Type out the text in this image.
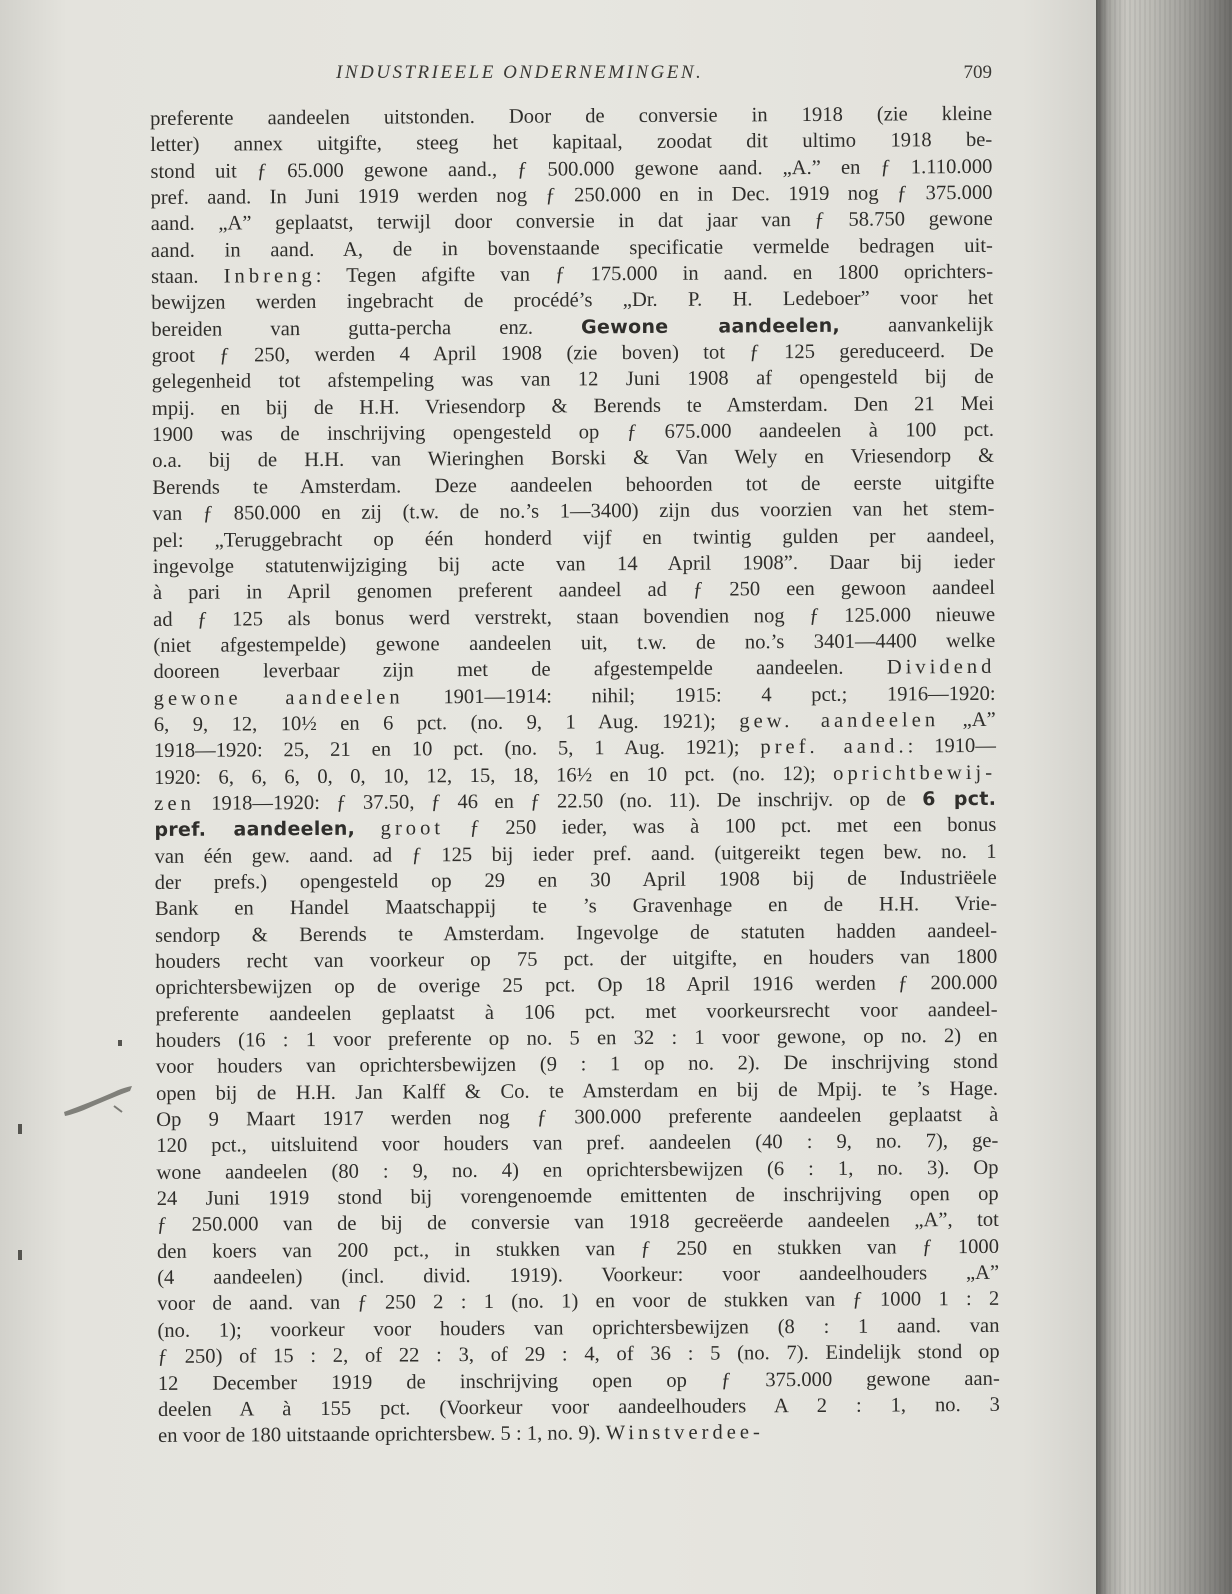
INDUSTRIEELE ONDERNEMINGEN.	709
preferente aandeelen uitstonden. Door de conversie in 1918 (zie kleine
letter) annex uitgifte, steeg het kapitaal, zoodat dit ultimo 1918 be-
stond uit ƒ 65.000 gewone aand., ƒ 500.000 gewone aand. „A.” en ƒ 1.110.000
pref. aand. In Juni 1919 werden nog ƒ 250.000 en in Dec. 1919 nog ƒ 375.000
aand. „A” geplaatst, terwijl door conversie in dat jaar van ƒ 58.750 gewone
aand. in aand. A, de in bovenstaande specificatie vermelde bedragen uit-
staan. Inbreng: Tegen afgifte van ƒ 175.000 in aand. en 1800 oprichters-
bewijzen werden ingebracht de procédé’s „Dr. P. H. Ledeboer” voor het
bereiden van gutta-percha enz. Gewone aandeelen, aanvankelijk
groot ƒ 250, werden 4 April 1908 (zie boven) tot ƒ 125 gereduceerd. De
gelegenheid tot afstempeling was van 12 Juni 1908 af opengesteld bij de
mpij. en bij de H.H. Vriesendorp & Berends te Amsterdam. Den 21 Mei
1900 was de inschrijving opengesteld op ƒ 675.000 aandeelen à 100 pct.
o.a. bij de H.H. van Wieringhen Borski & Van Wely en Vriesendorp &
Berends te Amsterdam. Deze aandeelen behoorden tot de eerste uitgifte
van ƒ 850.000 en zij (t.w. de no.’s 1—3400) zijn dus voorzien van het stem-
pel: „Teruggebracht op één honderd vijf en twintig gulden per aandeel,
ingevolge statutenwijziging bij acte van 14 April 1908”. Daar bij ieder
à pari in April genomen preferent aandeel ad ƒ 250 een gewoon aandeel
ad ƒ 125 als bonus werd verstrekt, staan bovendien nog ƒ 125.000 nieuwe
(niet afgestempelde) gewone aandeelen uit, t.w. de no.’s 3401—4400 welke
dooreen leverbaar zijn met de afgestempelde aandeelen. Dividend
gewone aandeelen 1901—1914: nihil; 1915: 4 pct.; 1916—1920:
6, 9, 12, 10½ en 6 pct. (no. 9, 1 Aug. 1921); gew. aandeelen „A”
1918—1920: 25, 21 en 10 pct. (no. 5, 1 Aug. 1921); pref. aand.: 1910—
1920: 6, 6, 6, 0, 0, 10, 12, 15, 18, 16½ en 10 pct. (no. 12); oprichtbewij-
zen 1918—1920: ƒ 37.50, ƒ 46 en ƒ 22.50 (no. 11). De inschrijv. op de 6 pct.
pref. aandeelen, groot ƒ 250 ieder, was à 100 pct. met een bonus
van één gew. aand. ad ƒ 125 bij ieder pref. aand. (uitgereikt tegen bew. no. 1
der prefs.) opengesteld op 29 en 30 April 1908 bij de Industriëele
Bank en Handel Maatschappij te ’s Gravenhage en de H.H. Vrie-
sendorp & Berends te Amsterdam. Ingevolge de statuten hadden aandeel-
houders recht van voorkeur op 75 pct. der uitgifte, en houders van 1800
oprichtersbewijzen op de overige 25 pct. Op 18 April 1916 werden ƒ 200.000
preferente aandeelen geplaatst à 106 pct. met voorkeursrecht voor aandeel-
houders (16 : 1 voor preferente op no. 5 en 32 : 1 voor gewone, op no. 2) en
voor houders van oprichtersbewijzen (9 : 1 op no. 2). De inschrijving stond
open bij de H.H. Jan Kalff & Co. te Amsterdam en bij de Mpij. te ’s Hage.
Op 9 Maart 1917 werden nog ƒ 300.000 preferente aandeelen geplaatst à
120 pct., uitsluitend voor houders van pref. aandeelen (40 : 9, no. 7), ge-
wone aandeelen (80 : 9, no. 4) en oprichtersbewijzen (6 : 1, no. 3). Op
24 Juni 1919 stond bij vorengenoemde emittenten de inschrijving open op
ƒ 250.000 van de bij de conversie van 1918 gecreëerde aandeelen „A”, tot
den koers van 200 pct., in stukken van ƒ 250 en stukken van ƒ 1000
(4 aandeelen) (incl. divid. 1919). Voorkeur: voor aandeelhouders „A”
voor de aand. van ƒ 250 2 : 1 (no. 1) en voor de stukken van ƒ 1000 1 : 2
(no. 1); voorkeur voor houders van oprichtersbewijzen (8 : 1 aand. van
ƒ 250) of 15 : 2, of 22 : 3, of 29 : 4, of 36 : 5 (no. 7). Eindelijk stond op
12 December 1919 de inschrijving open op ƒ 375.000 gewone aan-
deelen A à 155 pct. (Voorkeur voor aandeelhouders A 2 : 1, no. 3
en voor de 180 uitstaande oprichtersbew. 5 : 1, no. 9). Winstverdee-
